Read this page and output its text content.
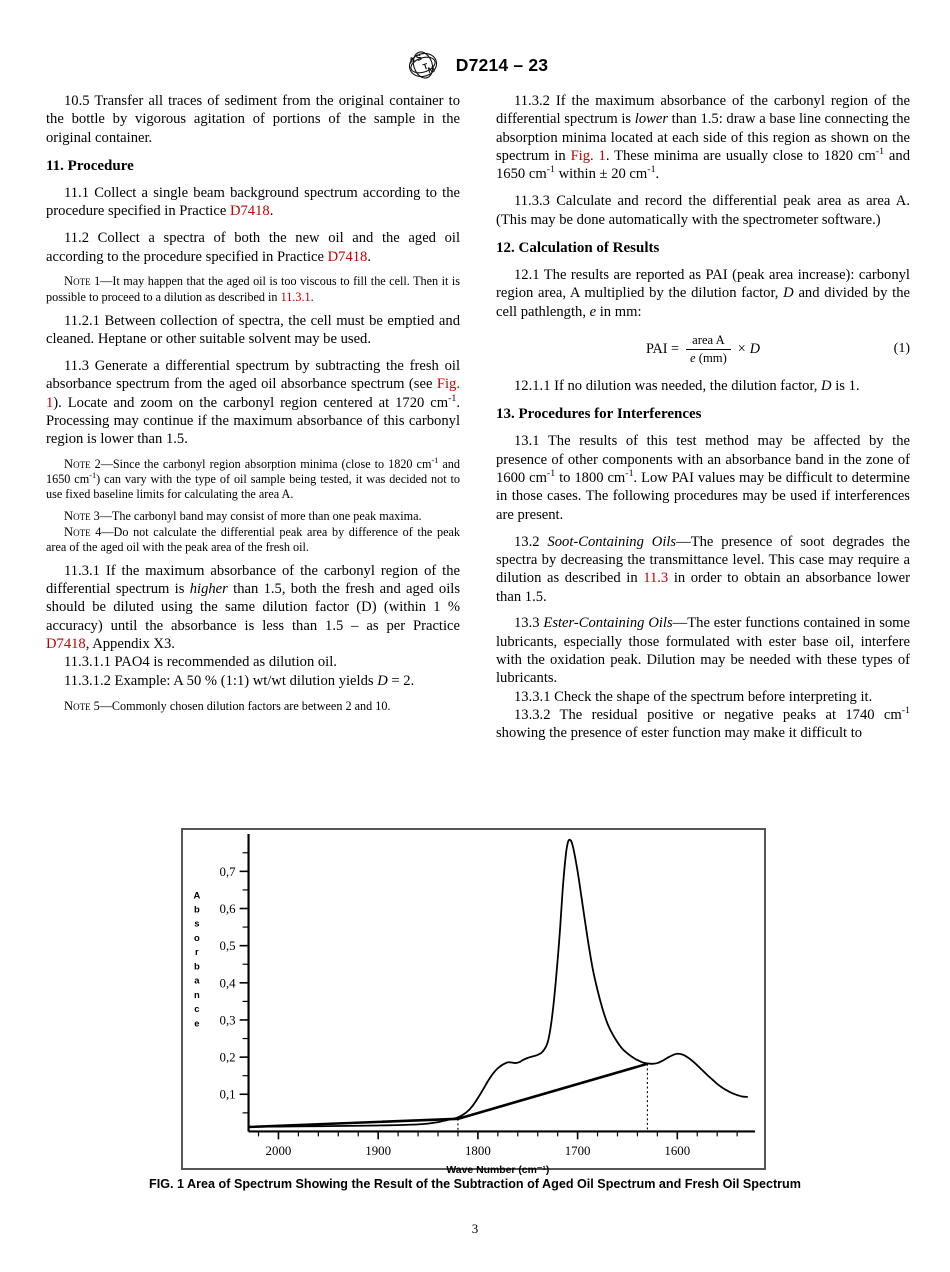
A
S
T
M D7214 – 23

10.5 Transfer all traces of sediment from the original container to the bottle by vigorous agitation of portions of the sample in the original container.

11. Procedure

11.1 Collect a single beam background spectrum according to the procedure specified in Practice D7418.

11.2 Collect a spectra of both the new oil and the aged oil according to the procedure specified in Practice D7418.

Note 1—It may happen that the aged oil is too viscous to fill the cell. Then it is possible to proceed to a dilution as described in 11.3.1.

11.2.1 Between collection of spectra, the cell must be emptied and cleaned. Heptane or other suitable solvent may be used.

11.3 Generate a differential spectrum by subtracting the fresh oil absorbance spectrum from the aged oil absorbance spectrum (see Fig. 1). Locate and zoom on the carbonyl region centered at 1720 $cm^{-1}$. Processing may continue if the maximum absorbance of this carbonyl region is lower than 1.5.

Note 2—Since the carbonyl region absorption minima (close to 1820 $cm^{-1}$ and 1650 $cm^{-1}$) can vary with the type of oil sample being tested, it was decided not to use fixed baseline limits for calculating the area A.

Note 3—The carbonyl band may consist of more than one peak maxima.

Note 4—Do not calculate the differential peak area by difference of the peak area of the aged oil with the peak area of the fresh oil.

11.3.1 If the maximum absorbance of the carbonyl region of the differential spectrum is higher than 1.5, both the fresh and aged oils should be diluted using the same dilution factor (D) (within 1 % accuracy) until the absorbance is less than 1.5 – as per Practice D7418, Appendix X3.

11.3.1.1 PAO4 is recommended as dilution oil.

11.3.1.2 Example: A 50 % (1:1) wt/wt dilution yields D = 2.

Note 5—Commonly chosen dilution factors are between 2 and 10.

11.3.2 If the maximum absorbance of the carbonyl region of the differential spectrum is lower than 1.5: draw a base line connecting the absorption minima located at each side of this region as shown on the spectrum in Fig. 1. These minima are usually close to 1820 $cm^{-1}$ and 1650 $cm^{-1}$ within ± 20 $cm^{-1}$.

11.3.3 Calculate and record the differential peak area as area A. (This may be done automatically with the spectrometer software.)

12. Calculation of Results

12.1 The results are reported as PAI (peak area increase): carbonyl region area, A multiplied by the dilution factor, D and divided by the cell pathlength, e in mm:

PAI = $\frac{\text{area A}}{e (mm)} \times D$	(1)

12.1.1 If no dilution was needed, the dilution factor, D is 1.

13. Procedures for Interferences

13.1 The results of this test method may be affected by the presence of other components with an absorbance band in the zone of 1600 $cm^{-1}$ to 1800 $cm^{-1}$. Low PAI values may be difficult to determine in those cases. The following procedures may be used if interferences are present.

13.2 Soot-Containing Oils—The presence of soot degrades the spectra by decreasing the transmittance level. This case may require a dilution as described in 11.3 in order to obtain an absorbance lower than 1.5.

13.3 Ester-Containing Oils—The ester functions contained in some lubricants, especially those formulated with ester base oil, interfere with the oxidation peak. Dilution may be needed with these types of lubricants.

13.3.1 Check the shape of the spectrum before interpreting it.

13.3.2 The residual positive or negative peaks at 1740 $cm^{-1}$ showing the presence of ester function may make it difficult to

2000	1900	1800	1700	1600
0,1
0,2
0,3
0,4
0,5
0,6
0,7
A
b
s
o
r
b
a
n
c
e
Wave Number (cm⁻¹)
FIG. 1 Area of Spectrum Showing the Result of the Subtraction of Aged Oil Spectrum and Fresh Oil Spectrum
3
